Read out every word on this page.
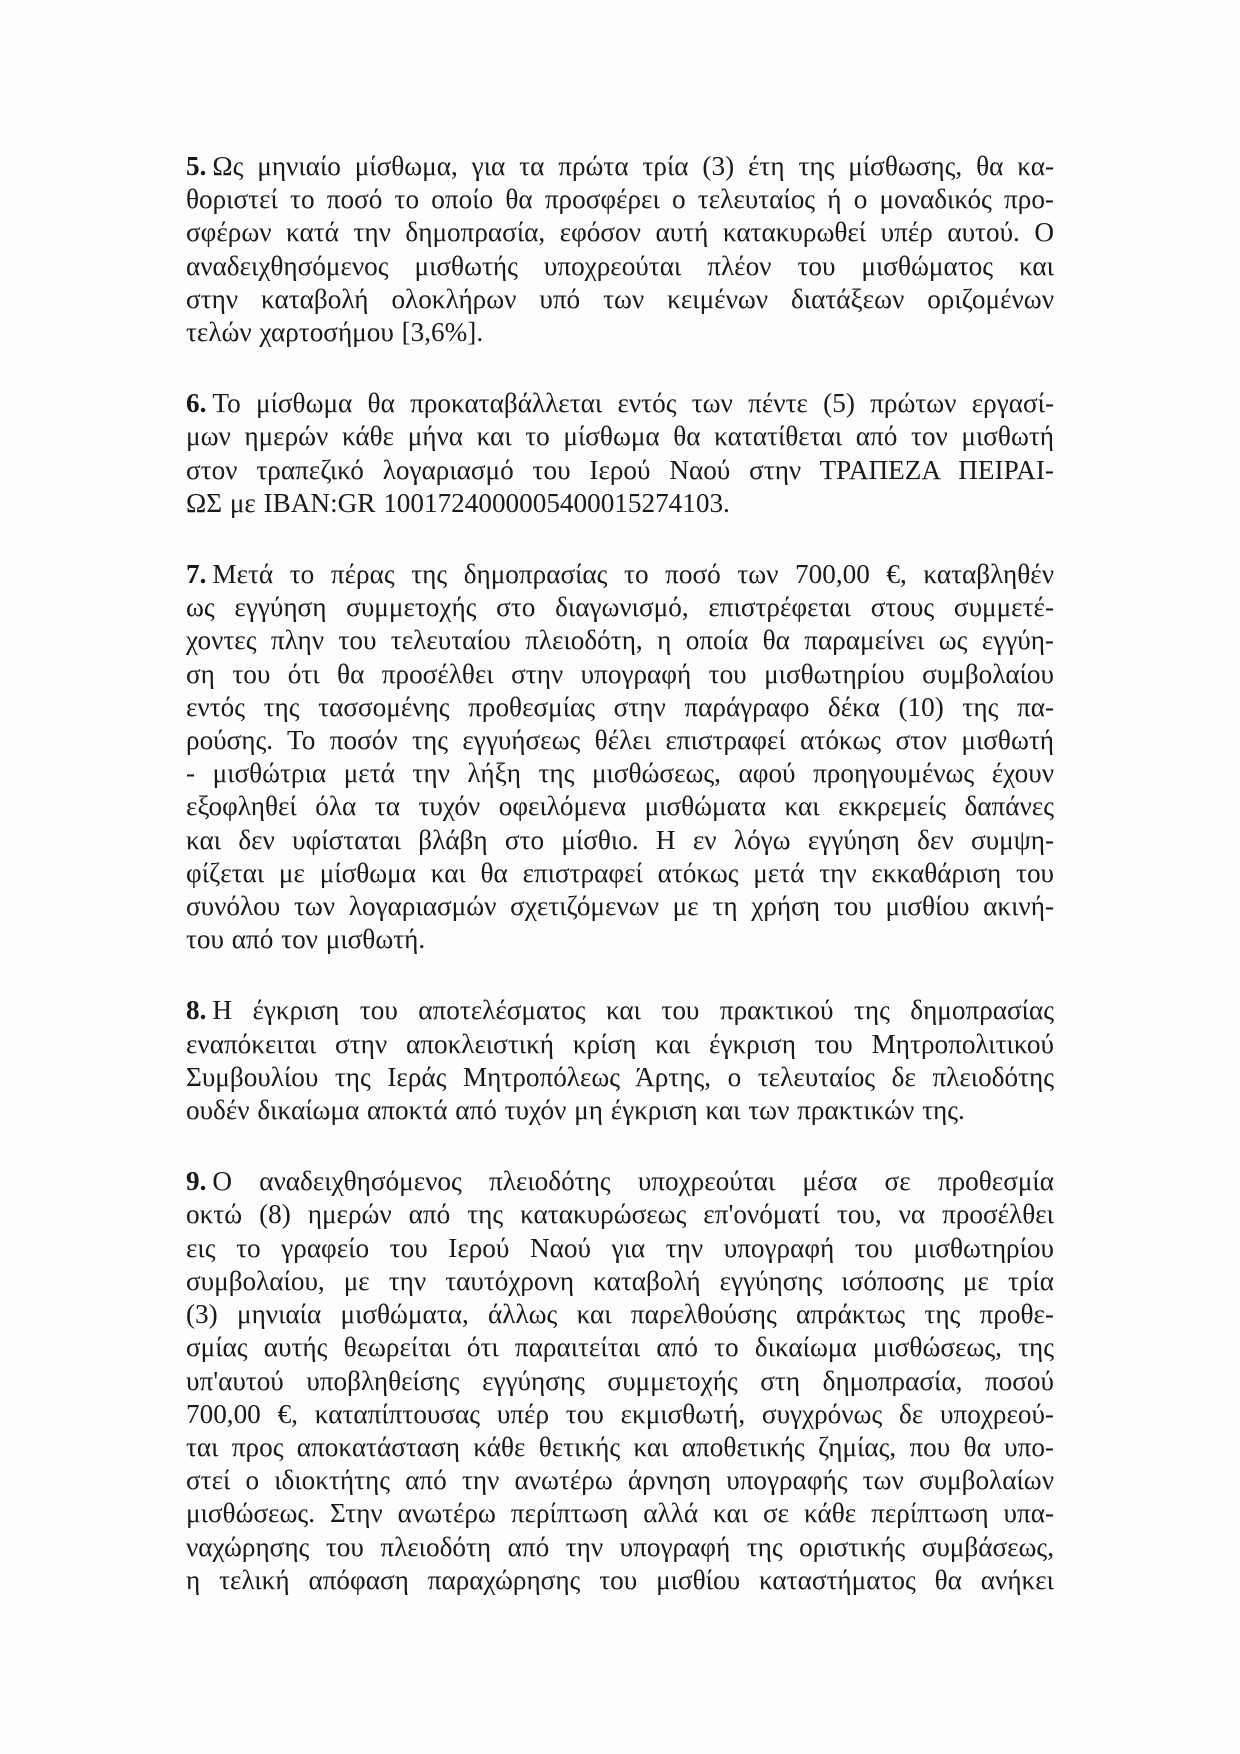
5. Ως μηνιαίο μίσθωμα, για τα πρώτα τρία (3) έτη της μίσθωσης, θα κα-
θοριστεί το ποσό το οποίο θα προσφέρει ο τελευταίος ή ο μοναδικός προ-
σφέρων κατά την δημοπρασία, εφόσον αυτή κατακυρωθεί υπέρ αυτού. Ο
αναδειχθησόμενος μισθωτής υποχρεούται πλέον του μισθώματος και
στην καταβολή ολοκλήρων υπό των κειμένων διατάξεων οριζομένων
τελών χαρτοσήμου [3,6%].
6. Το μίσθωμα θα προκαταβάλλεται εντός των πέντε (5) πρώτων εργασί-
μων ημερών κάθε μήνα και το μίσθωμα θα κατατίθεται από τον μισθωτή
στον τραπεζικό λογαριασμό του Ιερού Ναού στην ΤΡΑΠΕΖΑ ΠΕΙΡΑΙ-
ΩΣ με IBAN:GR 1001724000005400015274103.
7. Μετά το πέρας της δημοπρασίας το ποσό των 700,00 €, καταβληθέν
ως εγγύηση συμμετοχής στο διαγωνισμό, επιστρέφεται στους συμμετέ-
χοντες πλην του τελευταίου πλειοδότη, η οποία θα παραμείνει ως εγγύη-
ση του ότι θα προσέλθει στην υπογραφή του μισθωτηρίου συμβολαίου
εντός της τασσομένης προθεσμίας στην παράγραφο δέκα (10) της πα-
ρούσης. Το ποσόν της εγγυήσεως θέλει επιστραφεί ατόκως στον μισθωτή
- μισθώτρια μετά την λήξη της μισθώσεως, αφού προηγουμένως έχουν
εξοφληθεί όλα τα τυχόν οφειλόμενα μισθώματα και εκκρεμείς δαπάνες
και δεν υφίσταται βλάβη στο μίσθιο. Η εν λόγω εγγύηση δεν συμψη-
φίζεται με μίσθωμα και θα επιστραφεί ατόκως μετά την εκκαθάριση του
συνόλου των λογαριασμών σχετιζόμενων με τη χρήση του μισθίου ακινή-
του από τον μισθωτή.
8. Η έγκριση του αποτελέσματος και του πρακτικού της δημοπρασίας
εναπόκειται στην αποκλειστική κρίση και έγκριση του Μητροπολιτικού
Συμβουλίου της Ιεράς Μητροπόλεως Άρτης, ο τελευταίος δε πλειοδότης
ουδέν δικαίωμα αποκτά από τυχόν μη έγκριση και των πρακτικών της.
9. Ο αναδειχθησόμενος πλειοδότης υποχρεούται μέσα σε προθεσμία
οκτώ (8) ημερών από της κατακυρώσεως επ'ονόματί του, να προσέλθει
εις το γραφείο του Ιερού Ναού για την υπογραφή του μισθωτηρίου
συμβολαίου, με την ταυτόχρονη καταβολή εγγύησης ισόποσης με τρία
(3) μηνιαία μισθώματα, άλλως και παρελθούσης απράκτως της προθε-
σμίας αυτής θεωρείται ότι παραιτείται από το δικαίωμα μισθώσεως, της
υπ'αυτού υποβληθείσης εγγύησης συμμετοχής στη δημοπρασία, ποσού
700,00 €, καταπίπτουσας υπέρ του εκμισθωτή, συγχρόνως δε υποχρεού-
ται προς αποκατάσταση κάθε θετικής και αποθετικής ζημίας, που θα υπο-
στεί ο ιδιοκτήτης από την ανωτέρω άρνηση υπογραφής των συμβολαίων
μισθώσεως. Στην ανωτέρω περίπτωση αλλά και σε κάθε περίπτωση υπα-
ναχώρησης του πλειοδότη από την υπογραφή της οριστικής συμβάσεως,
η τελική απόφαση παραχώρησης του μισθίου καταστήματος θα ανήκει
